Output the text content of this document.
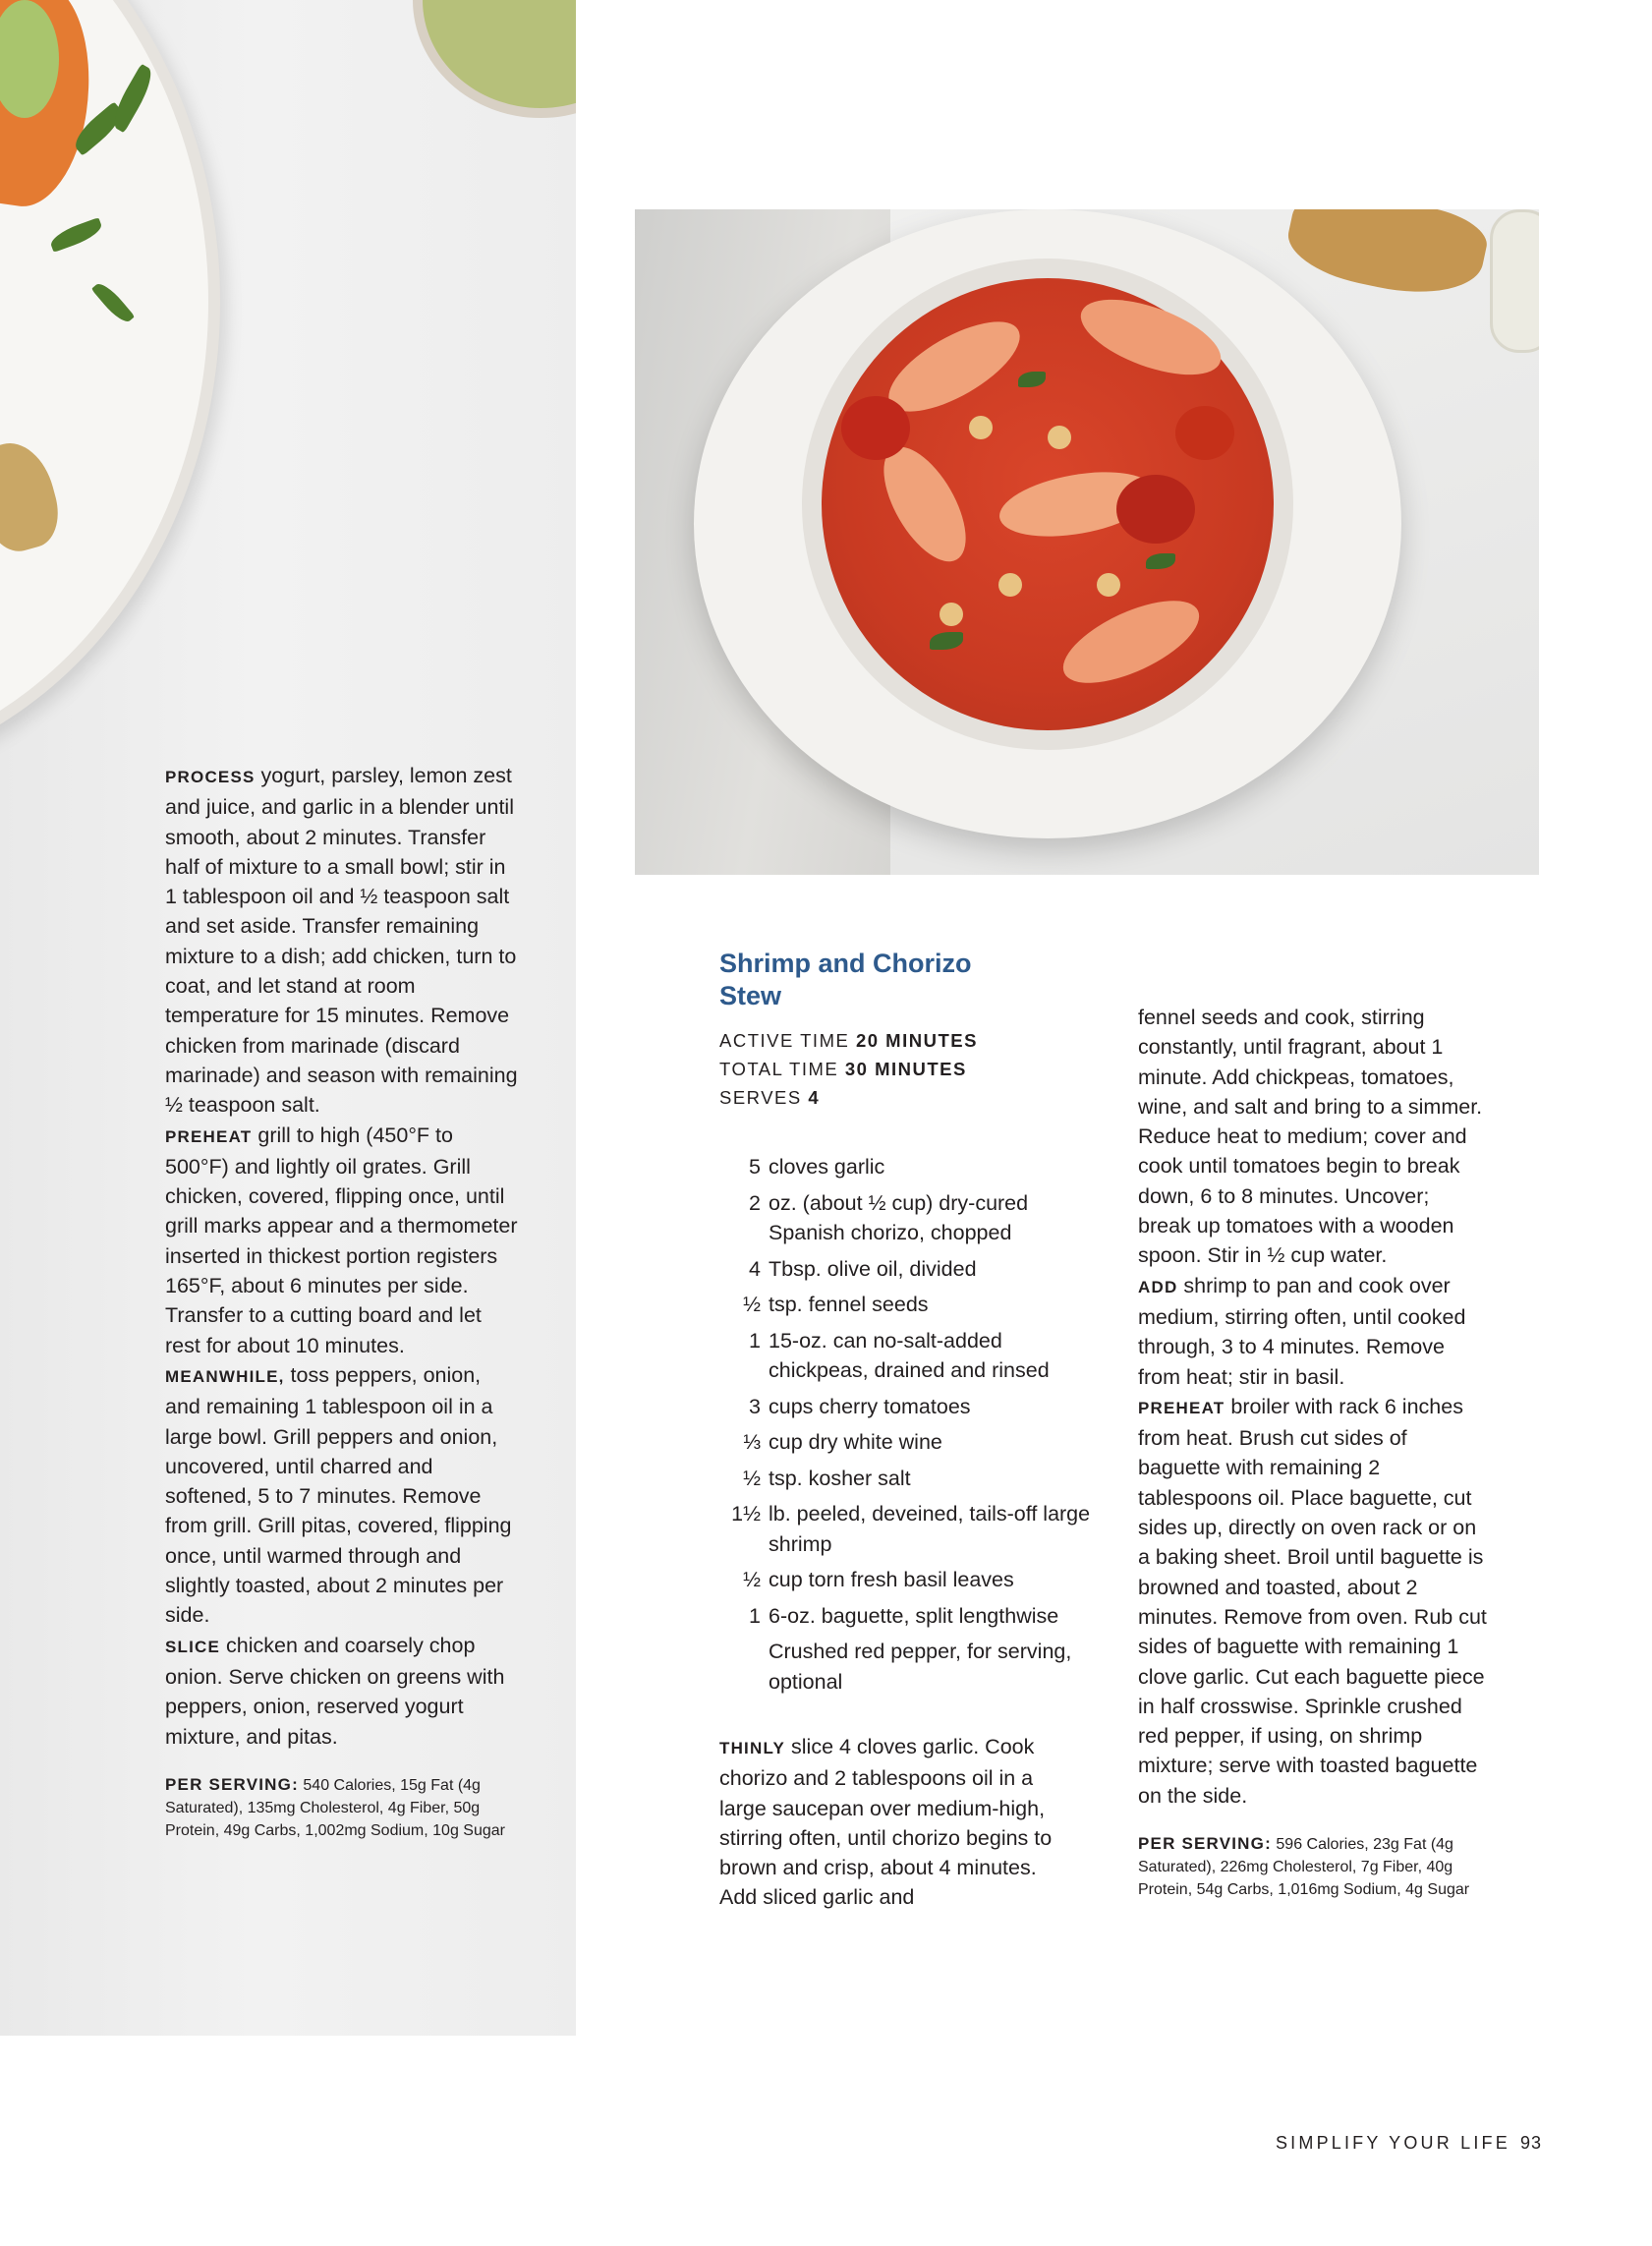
PROCESS yogurt, parsley, lemon zest and juice, and garlic in a blender until smooth, about 2 minutes. Transfer half of mixture to a small bowl; stir in 1 tablespoon oil and ½ teaspoon salt and set aside. Transfer remaining mixture to a dish; add chicken, turn to coat, and let stand at room temperature for 15 minutes. Remove chicken from marinade (discard marinade) and season with remaining ½ teaspoon salt.

PREHEAT grill to high (450°F to 500°F) and lightly oil grates. Grill chicken, covered, flipping once, until grill marks appear and a thermometer inserted in thickest portion registers 165°F, about 6 minutes per side. Transfer to a cutting board and let rest for about 10 minutes.

MEANWHILE, toss peppers, onion, and remaining 1 tablespoon oil in a large bowl. Grill peppers and onion, uncovered, until charred and softened, 5 to 7 minutes. Remove from grill. Grill pitas, covered, flipping once, until warmed through and slightly toasted, about 2 minutes per side.

SLICE chicken and coarsely chop onion. Serve chicken on greens with peppers, onion, reserved yogurt mixture, and pitas.

PER SERVING: 540 Calories, 15g Fat (4g Saturated), 135mg Cholesterol, 4g Fiber, 50g Protein, 49g Carbs, 1,002mg Sodium, 10g Sugar

Shrimp and Chorizo Stew
ACTIVE TIME 20 MINUTES
TOTAL TIME 30 MINUTES
SERVES 4
5 cloves garlic
2 oz. (about ½ cup) dry-cured Spanish chorizo, chopped
4 Tbsp. olive oil, divided
½ tsp. fennel seeds
1 15-oz. can no-salt-added chickpeas, drained and rinsed
3 cups cherry tomatoes
⅓ cup dry white wine
½ tsp. kosher salt
1½ lb. peeled, deveined, tails-off large shrimp
½ cup torn fresh basil leaves
1 6-oz. baguette, split lengthwise
Crushed red pepper, for serving, optional

THINLY slice 4 cloves garlic. Cook chorizo and 2 tablespoons oil in a large saucepan over medium-high, stirring often, until chorizo begins to brown and crisp, about 4 minutes. Add sliced garlic and

fennel seeds and cook, stirring constantly, until fragrant, about 1 minute. Add chickpeas, tomatoes, wine, and salt and bring to a simmer. Reduce heat to medium; cover and cook until tomatoes begin to break down, 6 to 8 minutes. Uncover; break up tomatoes with a wooden spoon. Stir in ½ cup water.

ADD shrimp to pan and cook over medium, stirring often, until cooked through, 3 to 4 minutes. Remove from heat; stir in basil.

PREHEAT broiler with rack 6 inches from heat. Brush cut sides of baguette with remaining 2 tablespoons oil. Place baguette, cut sides up, directly on oven rack or on a baking sheet. Broil until baguette is browned and toasted, about 2 minutes. Remove from oven. Rub cut sides of baguette with remaining 1 clove garlic. Cut each baguette piece in half crosswise. Sprinkle crushed red pepper, if using, on shrimp mixture; serve with toasted baguette on the side.

PER SERVING: 596 Calories, 23g Fat (4g Saturated), 226mg Cholesterol, 7g Fiber, 40g Protein, 54g Carbs, 1,016mg Sodium, 4g Sugar

SIMPLIFY YOUR LIFE 93
